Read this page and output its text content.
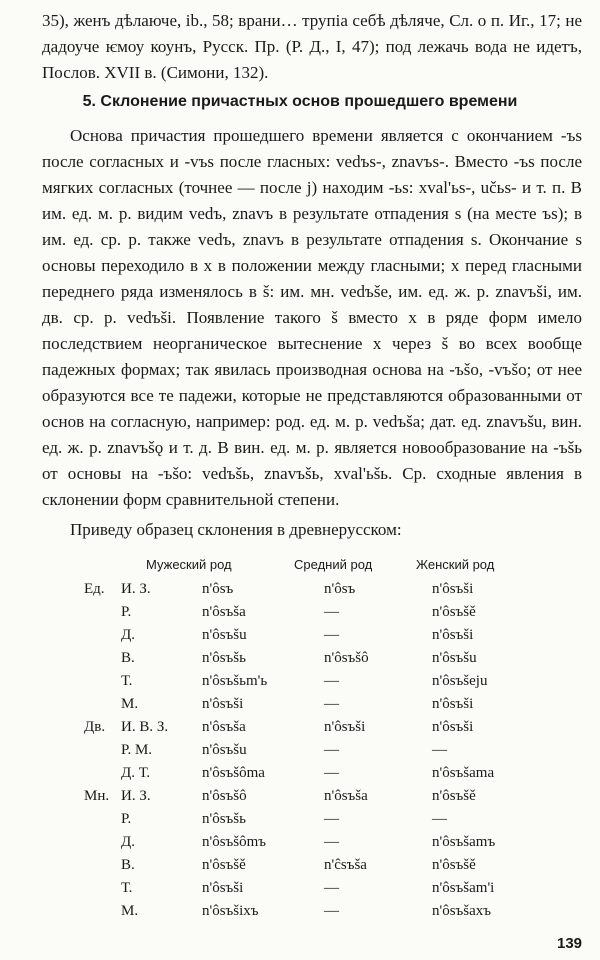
35), женъ дѣлаюче, ib., 58; врани… трупіа себѣ дѣляче, Сл. о п. Иг., 17; не дадоуче ѥмоу коунъ, Русск. Пр. (Р. Д., I, 47); под лежачь вода не идетъ, Послов. XVII в. (Симони, 132).

5. Склонение причастных основ прошедшего времени

Основа причастия прошедшего времени является с окончанием -ъs после согласных и -vъs после гласных: vedъs-, znavъs-. Вместо -ъs после мягких согласных (точнее — после j) находим -ьs: xval'ьs-, učьs- и т. п. В им. ед. м. р. видим vedъ, znavъ в результате отпадения s (на месте ъs); в им. ед. ср. р. также vedъ, znavъ в результате отпадения s. Окончание s основы переходило в x в положении между гласными; x перед гласными переднего ряда изменялось в š: им. мн. vedъše, им. ед. ж. р. znavъši, им. дв. ср. р. vedъši. Появление такого š вместо x в ряде форм имело последствием неорганическое вытеснение x через š во всех вообще падежных формах; так явилась производная основа на -ъšo, -vъšo; от нее образуются все те падежи, которые не представляются образованными от основ на согласную, например: род. ед. м. р. vedъša; дат. ед. znavъšu, вин. ед. ж. р. znavъšǫ и т. д. В вин. ед. м. р. является новообразование на -ъšь от основы на -ъšo: vedъšь, znavъšь, xval'ьšь. Ср. сходные явления в склонении форм сравнительной степени.

Приведу образец склонения в древнерусском:

Мужеский род	Средний род	Женский род
Ед. И. З.	n'ôsъ	n'ôsъ	n'ôsъši
Р.	n'ôsъša	—	n'ôsъšě
Д.	n'ôsъšu	—	n'ôsъši
В.	n'ôsъšь	n'ôsъšô	n'ôsъšu
Т.	n'ôsъšьm'ь	—	n'ôsъšeju
М.	n'ôsъši	—	n'ôsъši
Дв. И. В. З. n'ôsъša	n'ôsъši	n'ôsъši
Р. М.	n'ôsъšu	—	—
Д. Т.	n'ôsъšôma	—	n'ôsъšama
Мн. И. З.	n'ôsъšô	n'ôsъša	n'ôsъšě
Р.	n'ôsъšь	—	—
Д.	n'ôsъšômъ	—	n'ôsъšamъ
В.	n'ôsъšě	n'ĉsъša	n'ôsъšě
Т.	n'ôsъši	—	n'ôsъšam'i
М.	n'ôsъšixъ	—	n'ôsъšaxъ
139
